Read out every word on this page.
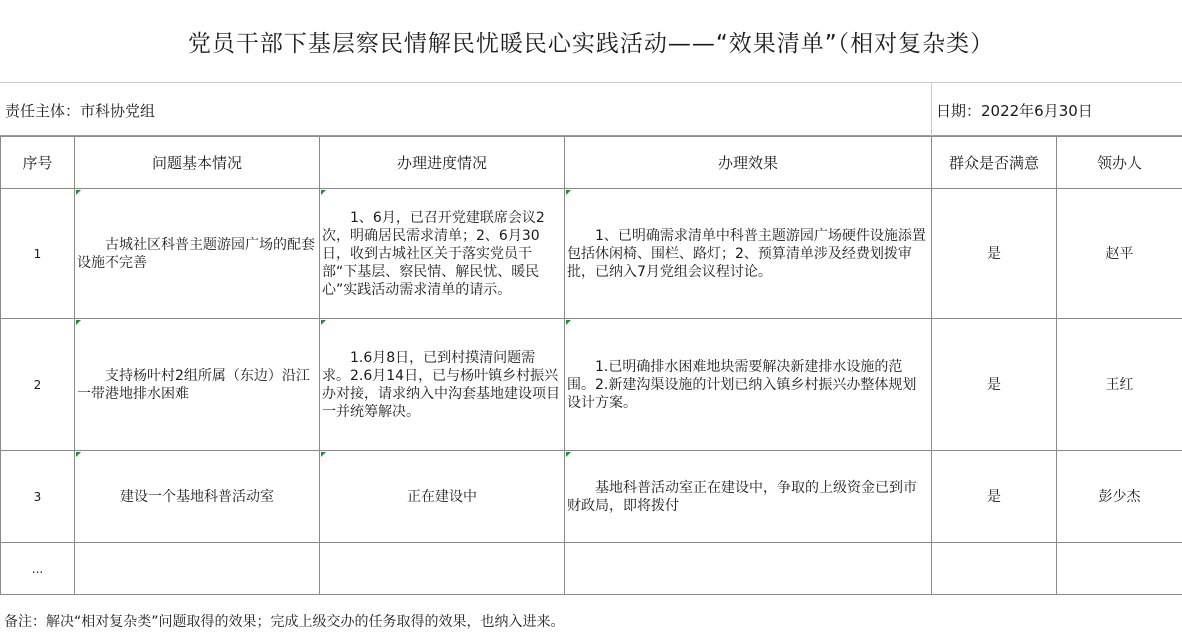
党员干部下基层察民情解民忧暖民心实践活动——“效果清单”（相对复杂类）
责任主体：市科协党组	日期：2022年6月30日
序号	问题基本情况	办理进度情况	办理效果	群众是否满意	领办人
1	古城社区科普主题游园广场的配套设施不完善	1、6月，已召开党建联席会议2次，明确居民需求清单；2、6月30日，收到古城社区关于落实党员干部“下基层、察民情、解民忧、暖民心”实践活动需求清单的请示。	1、已明确需求清单中科普主题游园广场硬件设施添置包括休闲椅、围栏、路灯；2、预算清单涉及经费划拨审批，已纳入7月党组会议程讨论。	是	赵平
2	支持杨叶村2组所属（东边）沿江一带港地排水困难	1.6月8日，已到村摸清问题需求。2.6月14日，已与杨叶镇乡村振兴办对接，请求纳入中沟套基地建设项目一并统筹解决。	1.已明确排水困难地块需要解决新建排水设施的范围。2.新建沟渠设施的计划已纳入镇乡村振兴办整体规划设计方案。	是	王红
3	建设一个基地科普活动室	正在建设中	基地科普活动室正在建设中，争取的上级资金已到市财政局，即将拨付	是	彭少杰
...					
备注：解决“相对复杂类”问题取得的效果；完成上级交办的任务取得的效果，也纳入进来。
